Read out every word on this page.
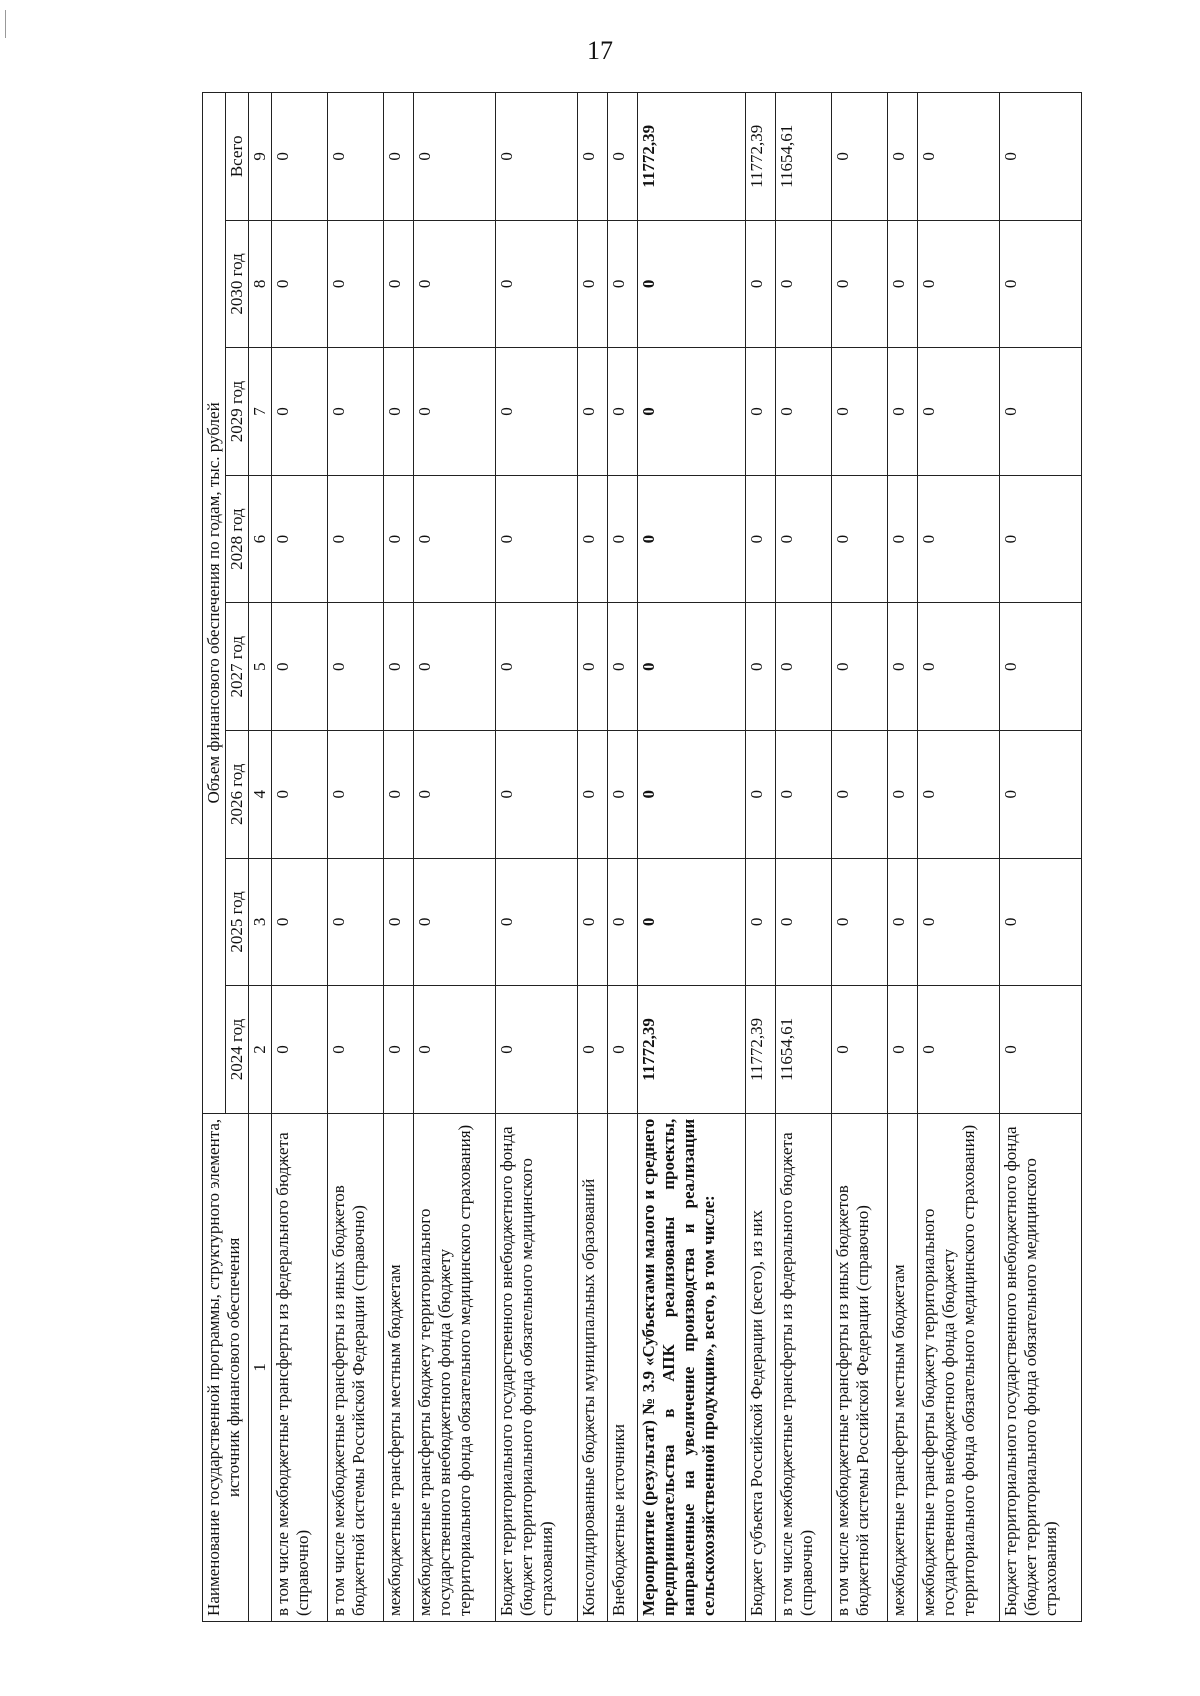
17
Наименование государственной программы, структурного элемента, источник финансового обеспечения	Объем финансового обеспечения по годам, тыс. рублей							
	2024 год	2025 год	2026 год	2027 год	2028 год	2029 год	2030 год	Всего
1	2	3	4	5	6	7	8	9
в том числе межбюджетные трансферты из федерального бюджета (справочно)	0	0	0	0	0	0	0	0
в том числе межбюджетные трансферты из иных бюджетов бюджетной системы Российской Федерации (справочно)	0	0	0	0	0	0	0	0
межбюджетные трансферты местным бюджетам	0	0	0	0	0	0	0	0
межбюджетные трансферты бюджету территориального государственного внебюджетного фонда (бюджету территориального фонда обязательного медицинского страхования)	0	0	0	0	0	0	0	0
Бюджет территориального государственного внебюджетного фонда (бюджет территориального фонда обязательного медицинского страхования)	0	0	0	0	0	0	0	0
Консолидированные бюджеты муниципальных образований	0	0	0	0	0	0	0	0
Внебюджетные источники	0	0	0	0	0	0	0	0
Мероприятие (результат) № 3.9 «Субъектами малого и среднего предпринимательства в АПК реализованы проекты, направленные на увеличение производства и реализации сельскохозяйственной продукции», всего, в том числе:	11772,39	0	0	0	0	0	0	11772,39
Бюджет субъекта Российской Федерации (всего), из них	11772,39	0	0	0	0	0	0	11772,39
в том числе межбюджетные трансферты из федерального бюджета (справочно)	11654,61	0	0	0	0	0	0	11654,61
в том числе межбюджетные трансферты из иных бюджетов бюджетной системы Российской Федерации (справочно)	0	0	0	0	0	0	0	0
межбюджетные трансферты местным бюджетам	0	0	0	0	0	0	0	0
межбюджетные трансферты бюджету территориального государственного внебюджетного фонда (бюджету территориального фонда обязательного медицинского страхования)	0	0	0	0	0	0	0	0
Бюджет территориального государственного внебюджетного фонда (бюджет территориального фонда обязательного медицинского страхования)	0	0	0	0	0	0	0	0
